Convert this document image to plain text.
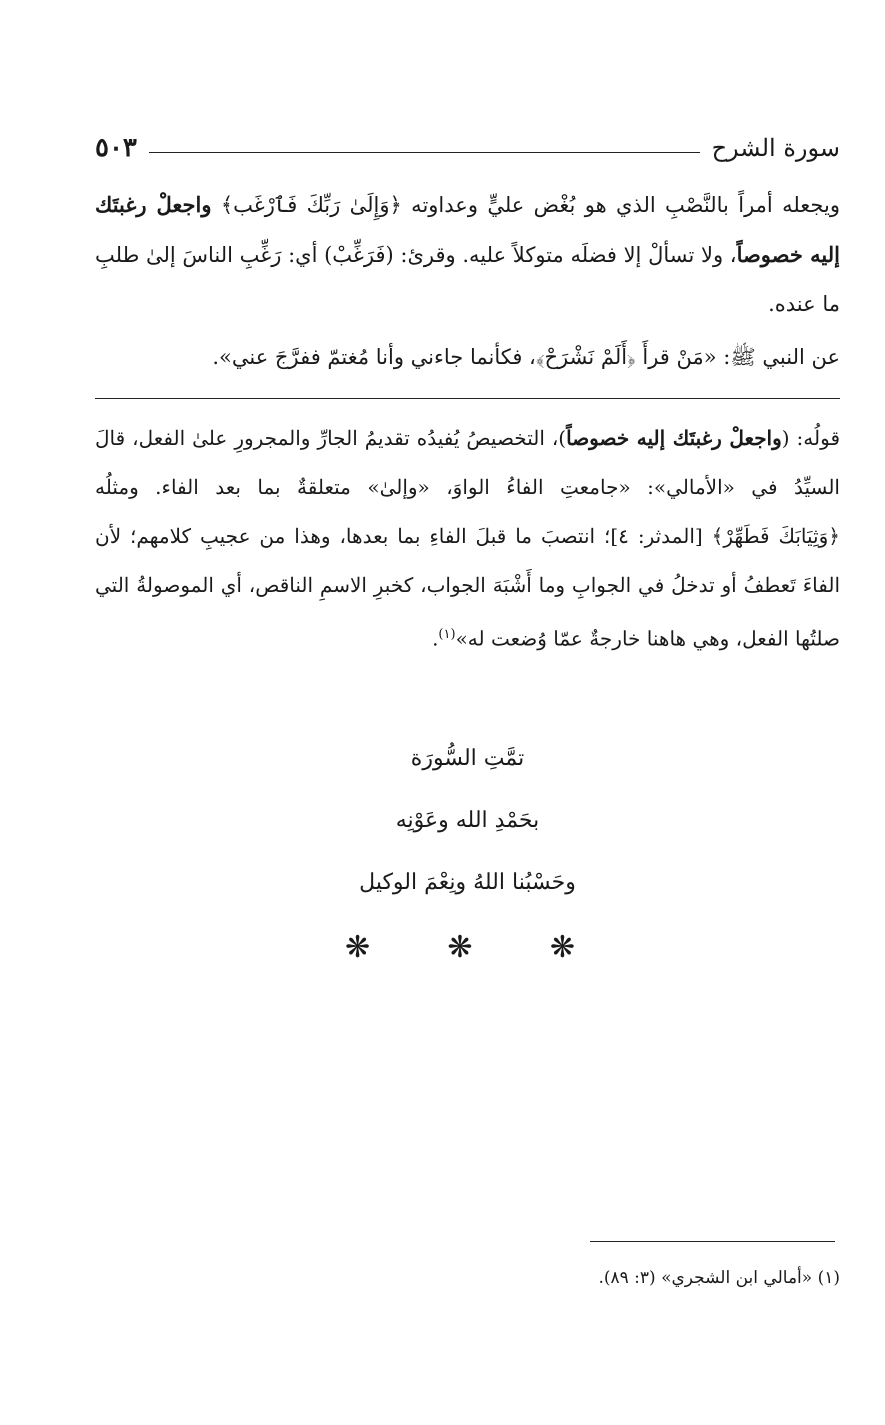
سورة الشرح
٥٠٣

ويجعله أمراً بالنَّصْبِ الذي هو بُغْض عليٍّ وعداوته ﴿وَإِلَىٰ رَبِّكَ فَٱرْغَب﴾ واجعلْ رغبتَك إليه خصوصاً، ولا تسألْ إلا فضلَه متوكلاً عليه. وقرئ: (فَرَغِّبْ) أي: رَغِّبِ الناسَ إلىٰ طلبِ ما عنده.

عن النبي ﷺ: «مَنْ قرأَ ﴿أَلَمْ نَشْرَحْ﴾، فكأنما جاءني وأنا مُغتمّ ففرَّجَ عني».

قولُه: (واجعلْ رغبتَك إليه خصوصاً)، التخصيصُ يُفيدُه تقديمُ الجارِّ والمجرورِ علىٰ الفعل، قالَ السيِّدُ في «الأمالي»: «جامعتِ الفاءُ الواوَ، «وإلىٰ» متعلقةٌ بما بعد الفاء. ومثلُه ﴿وَثِيَابَكَ فَطَهِّرْ﴾ [المدثر: ٤]؛ انتصبَ ما قبلَ الفاءِ بما بعدها، وهذا من عجيبِ كلامهم؛ لأن الفاءَ تَعطفُ أو تدخلُ في الجوابِ وما أَشْبَهَ الجواب، كخبرِ الاسمِ الناقص، أي الموصولةُ التي صلتُها الفعل، وهي هاهنا خارجةٌ عمّا وُضعت له»$^{(١)}$.

تمَّتِ السُّورَة
بحَمْدِ الله وعَوْنِه
وحَسْبُنا اللهُ ونِعْمَ الوكيل
❋	❋	❋
(١) «أمالي ابن الشجري» (٣: ٨٩).
